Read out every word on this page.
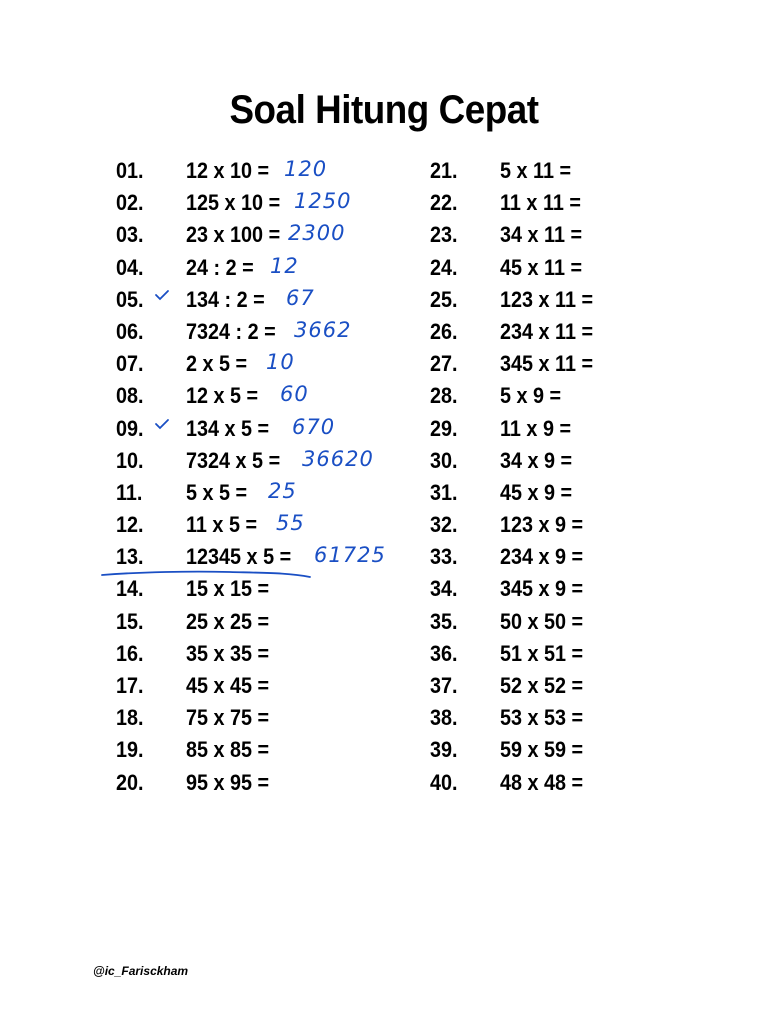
Soal Hitung Cepat
01. 12 x 10 = 120
02. 125 x 10 = 1250
03. 23 x 100 = 2300
04. 24 : 2 = 12
05. 134 : 2 = 67
06. 7324 : 2 = 3662
07. 2 x 5 = 10
08. 12 x 5 = 60
09. 134 x 5 = 670
10. 7324 x 5 = 36620
11. 5 x 5 = 25
12. 11 x 5 = 55
13. 12345 x 5 = 61725
14. 15 x 15 =
15. 25 x 25 =
16. 35 x 35 =
17. 45 x 45 =
18. 75 x 75 =
19. 85 x 85 =
20. 95 x 95 =
21. 5 x 11 =
22. 11 x 11 =
23. 34 x 11 =
24. 45 x 11 =
25. 123 x 11 =
26. 234 x 11 =
27. 345 x 11 =
28. 5 x 9 =
29. 11 x 9 =
30. 34 x 9 =
31. 45 x 9 =
32. 123 x 9 =
33. 234 x 9 =
34. 345 x 9 =
35. 50 x 50 =
36. 51 x 51 =
37. 52 x 52 =
38. 53 x 53 =
39. 59 x 59 =
40. 48 x 48 =
@ic_Farisckham
